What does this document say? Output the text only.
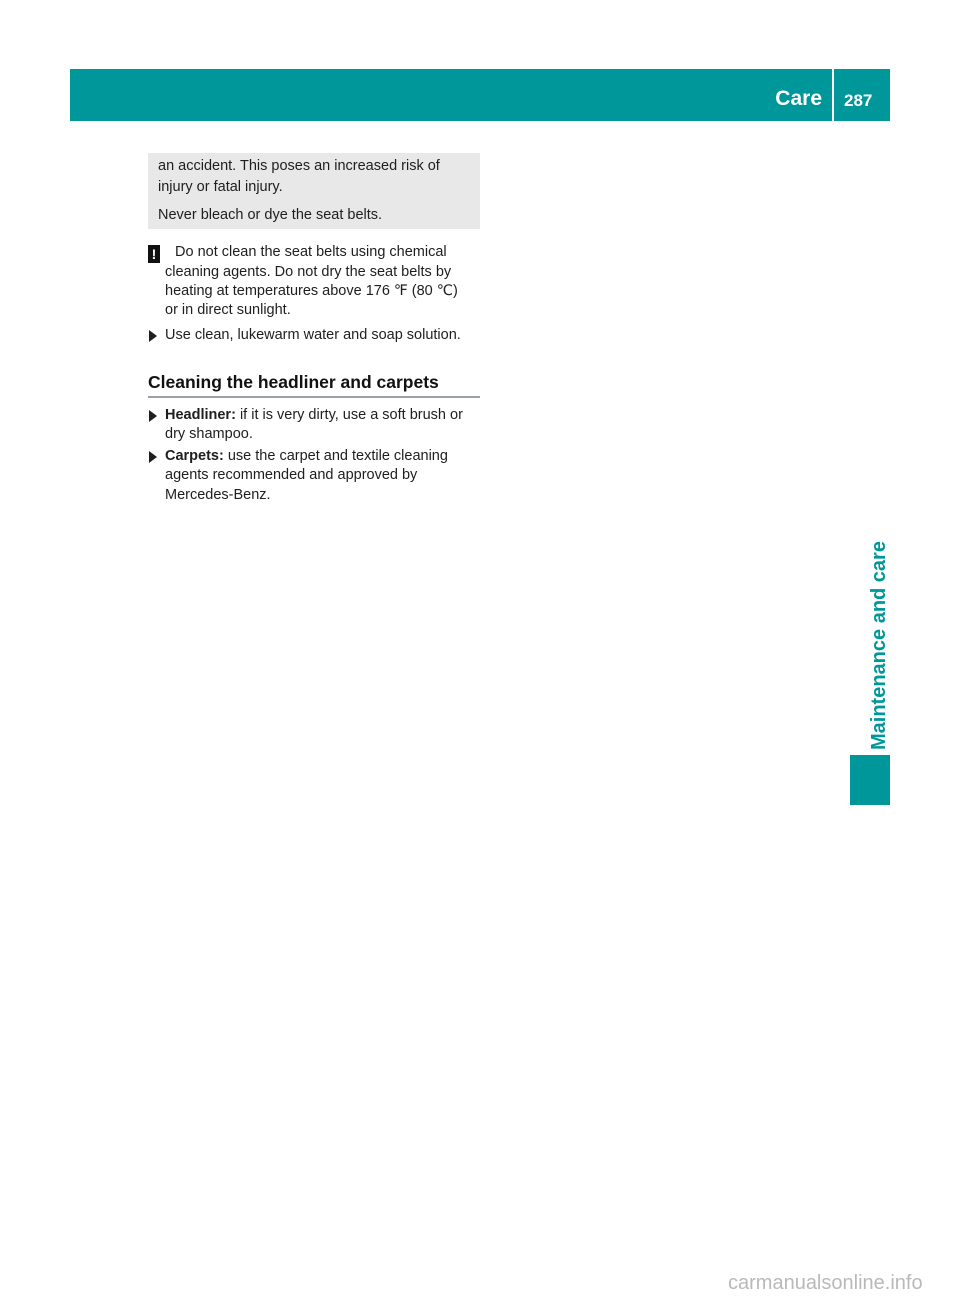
Care 287
an accident. This poses an increased risk of
injury or fatal injury.
Never bleach or dye the seat belts.
! Do not clean the seat belts using chemical
cleaning agents. Do not dry the seat belts by
heating at temperatures above 176 ℉ (80 ℃)
or in direct sunlight.
Use clean, lukewarm water and soap solution.
Cleaning the headliner and carpets
Headliner: if it is very dirty, use a soft brush or
dry shampoo.
Carpets: use the carpet and textile cleaning
agents recommended and approved by
Mercedes-Benz.
Maintenance and care
carmanualsonline.info
